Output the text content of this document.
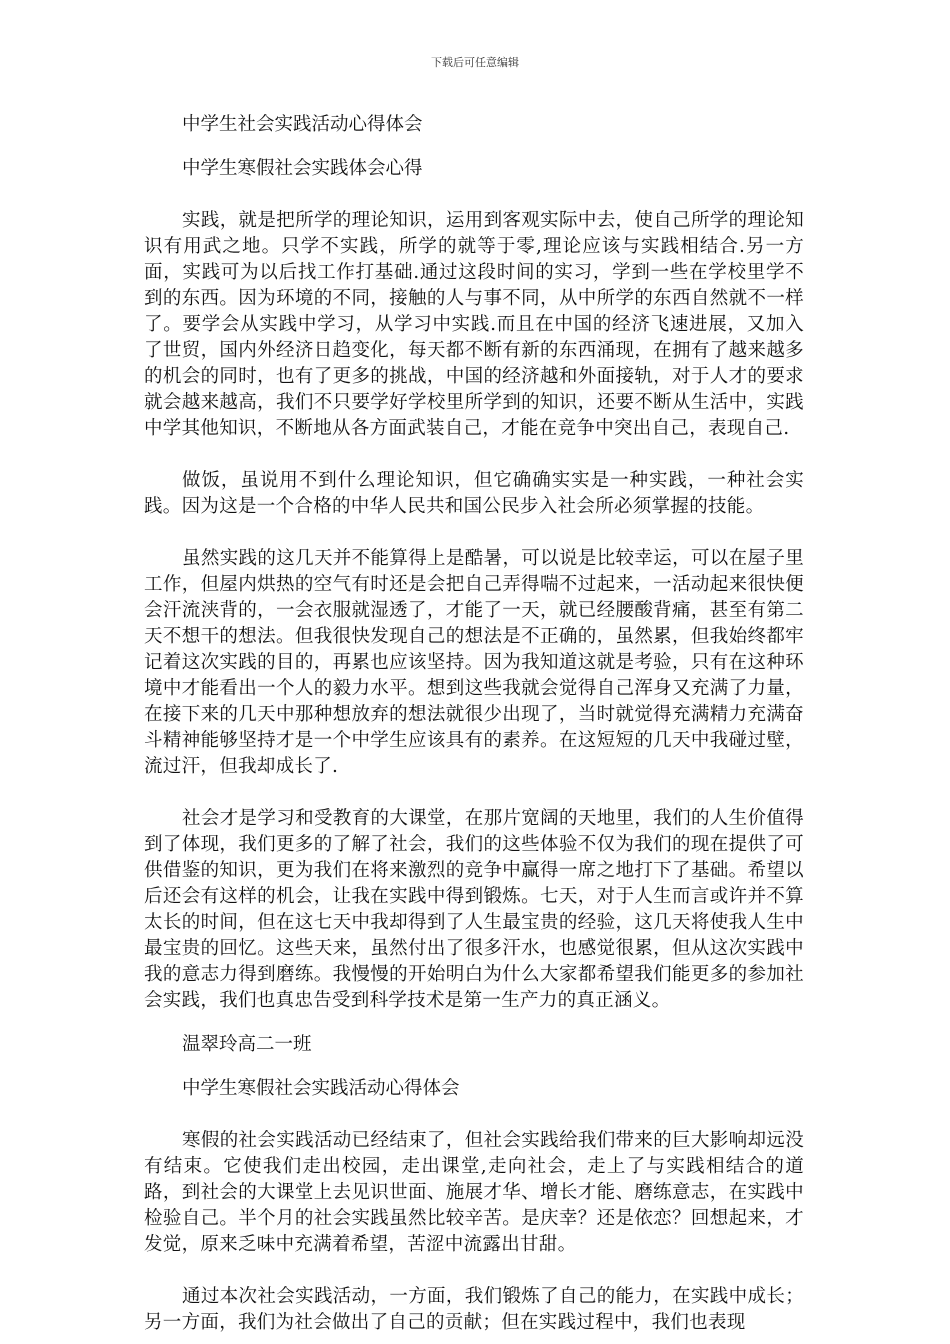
下载后可任意编辑

中学生社会实践活动心得体会

中学生寒假社会实践体会心得

实践，就是把所学的理论知识，运用到客观实际中去，使自己所学的理论知识有用武之地。只学不实践，所学的就等于零,理论应该与实践相结合.另一方面，实践可为以后找工作打基础.通过这段时间的实习，学到一些在学校里学不到的东西。因为环境的不同，接触的人与事不同，从中所学的东西自然就不一样了。要学会从实践中学习，从学习中实践.而且在中国的经济飞速进展，又加入了世贸，国内外经济日趋变化，每天都不断有新的东西涌现，在拥有了越来越多的机会的同时，也有了更多的挑战，中国的经济越和外面接轨，对于人才的要求就会越来越高，我们不只要学好学校里所学到的知识，还要不断从生活中，实践中学其他知识，不断地从各方面武装自己，才能在竞争中突出自己，表现自己.

做饭，虽说用不到什么理论知识，但它确确实实是一种实践，一种社会实践。因为这是一个合格的中华人民共和国公民步入社会所必须掌握的技能。

虽然实践的这几天并不能算得上是酷暑，可以说是比较幸运，可以在屋子里工作，但屋内烘热的空气有时还是会把自己弄得喘不过起来，一活动起来很快便会汗流浃背的，一会衣服就湿透了，才能了一天，就已经腰酸背痛，甚至有第二天不想干的想法。但我很快发现自己的想法是不正确的，虽然累，但我始终都牢记着这次实践的目的，再累也应该坚持。因为我知道这就是考验，只有在这种环境中才能看出一个人的毅力水平。想到这些我就会觉得自己浑身又充满了力量，在接下来的几天中那种想放弃的想法就很少出现了，当时就觉得充满精力充满奋斗精神能够坚持才是一个中学生应该具有的素养。在这短短的几天中我碰过壁，流过汗，但我却成长了.

社会才是学习和受教育的大课堂，在那片宽阔的天地里，我们的人生价值得到了体现，我们更多的了解了社会，我们的这些体验不仅为我们的现在提供了可供借鉴的知识，更为我们在将来激烈的竞争中赢得一席之地打下了基础。希望以后还会有这样的机会，让我在实践中得到锻炼。七天，对于人生而言或许并不算太长的时间，但在这七天中我却得到了人生最宝贵的经验，这几天将使我人生中最宝贵的回忆。这些天来，虽然付出了很多汗水，也感觉很累，但从这次实践中我的意志力得到磨练。我慢慢的开始明白为什么大家都希望我们能更多的参加社会实践，我们也真忠告受到科学技术是第一生产力的真正涵义。

温翠玲高二一班

中学生寒假社会实践活动心得体会

寒假的社会实践活动已经结束了，但社会实践给我们带来的巨大影响却远没有结束。它使我们走出校园，走出课堂,走向社会，走上了与实践相结合的道路，到社会的大课堂上去见识世面、施展才华、增长才能、磨练意志，在实践中检验自己。半个月的社会实践虽然比较辛苦。是庆幸？还是依恋？回想起来，才发觉，原来乏味中充满着希望，苦涩中流露出甘甜。

通过本次社会实践活动，一方面，我们锻炼了自己的能力，在实践中成长；另一方面，我们为社会做出了自己的贡献；但在实践过程中，我们也表现
